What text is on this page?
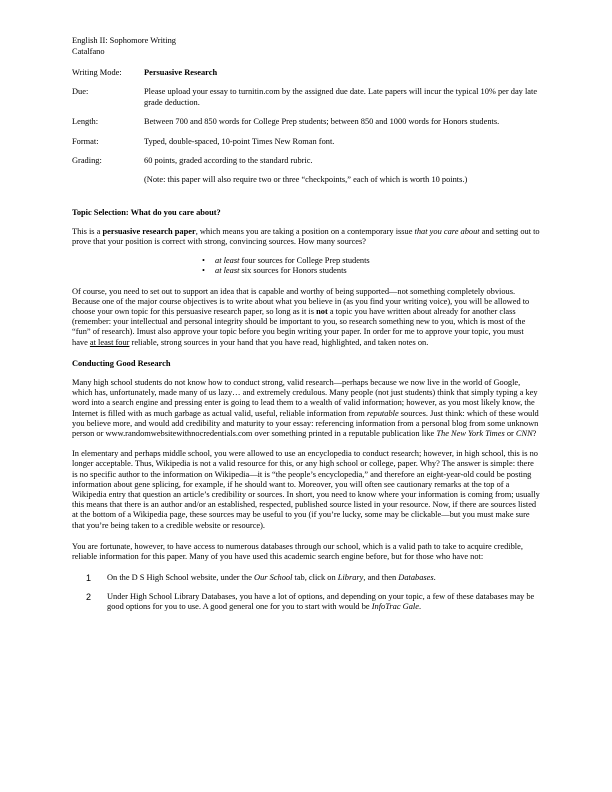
English II: Sophomore Writing
Catalfano
Writing Mode:	Persuasive Research
Due:	Please upload your essay to turnitin.com by the assigned due date. Late papers will incur the typical 10% per day late grade deduction.
Length:	Between 700 and 850 words for College Prep students; between 850 and 1000 words for Honors students.
Format:	Typed, double-spaced, 10-point Times New Roman font.
Grading:	60 points, graded according to the standard rubric.
(Note: this paper will also require two or three “checkpoints,” each of which is worth 10 points.)
Topic Selection: What do you care about?

This is a persuasive research paper, which means you are taking a position on a contemporary issue that you care about and setting out to prove that your position is correct with strong, convincing sources. How many sources?

• at least four sources for College Prep students
• at least six sources for Honors students

Of course, you need to set out to support an idea that is capable and worthy of being supported—not something completely obvious. Because one of the major course objectives is to write about what you believe in (as you find your writing voice), you will be allowed to choose your own topic for this persuasive research paper, so long as it is not a topic you have written about already for another class (remember: your intellectual and personal integrity should be important to you, so research something new to you, which is most of the “fun” of research). Imust also approve your topic before you begin writing your paper. In order for me to approve your topic, you must have at least four reliable, strong sources in your hand that you have read, highlighted, and taken notes on.

Conducting Good Research

Many high school students do not know how to conduct strong, valid research—perhaps because we now live in the world of Google, which has, unfortunately, made many of us lazy… and extremely credulous. Many people (not just students) think that simply typing a key word into a search engine and pressing enter is going to lead them to a wealth of valid information; however, as you most likely know, the Internet is filled with as much garbage as actual valid, useful, reliable information from reputable sources. Just think: which of these would you believe more, and would add credibility and maturity to your essay: referencing information from a personal blog from some unknown person or www.randomwebsitewithnocredentials.com over something printed in a reputable publication like The New York Times or CNN?

In elementary and perhaps middle school, you were allowed to use an encyclopedia to conduct research; however, in high school, this is no longer acceptable. Thus, Wikipedia is not a valid resource for this, or any high school or college, paper. Why? The answer is simple: there is no specific author to the information on Wikipedia—it is “the people’s encyclopedia,” and therefore an eight-year-old could be posting information about gene splicing, for example, if he should want to. Moreover, you will often see cautionary remarks at the top of a Wikipedia entry that question an article’s credibility or sources. In short, you need to know where your information is coming from; usually this means that there is an author and/or an established, respected, published source listed in your resource. Now, if there are sources listed at the bottom of a Wikipedia page, these sources may be useful to you (if you’re lucky, some may be clickable—but you must make sure that you’re being taken to a credible website or resource).

You are fortunate, however, to have access to numerous databases through our school, which is a valid path to take to acquire credible, reliable information for this paper. Many of you have used this academic search engine before, but for those who have not:

1	On the D S High School website, under the Our School tab, click on Library, and then Databases.
2	Under High School Library Databases, you have a lot of options, and depending on your topic, a few of these databases may be good options for you to use. A good general one for you to start with would be InfoTrac Gale.
